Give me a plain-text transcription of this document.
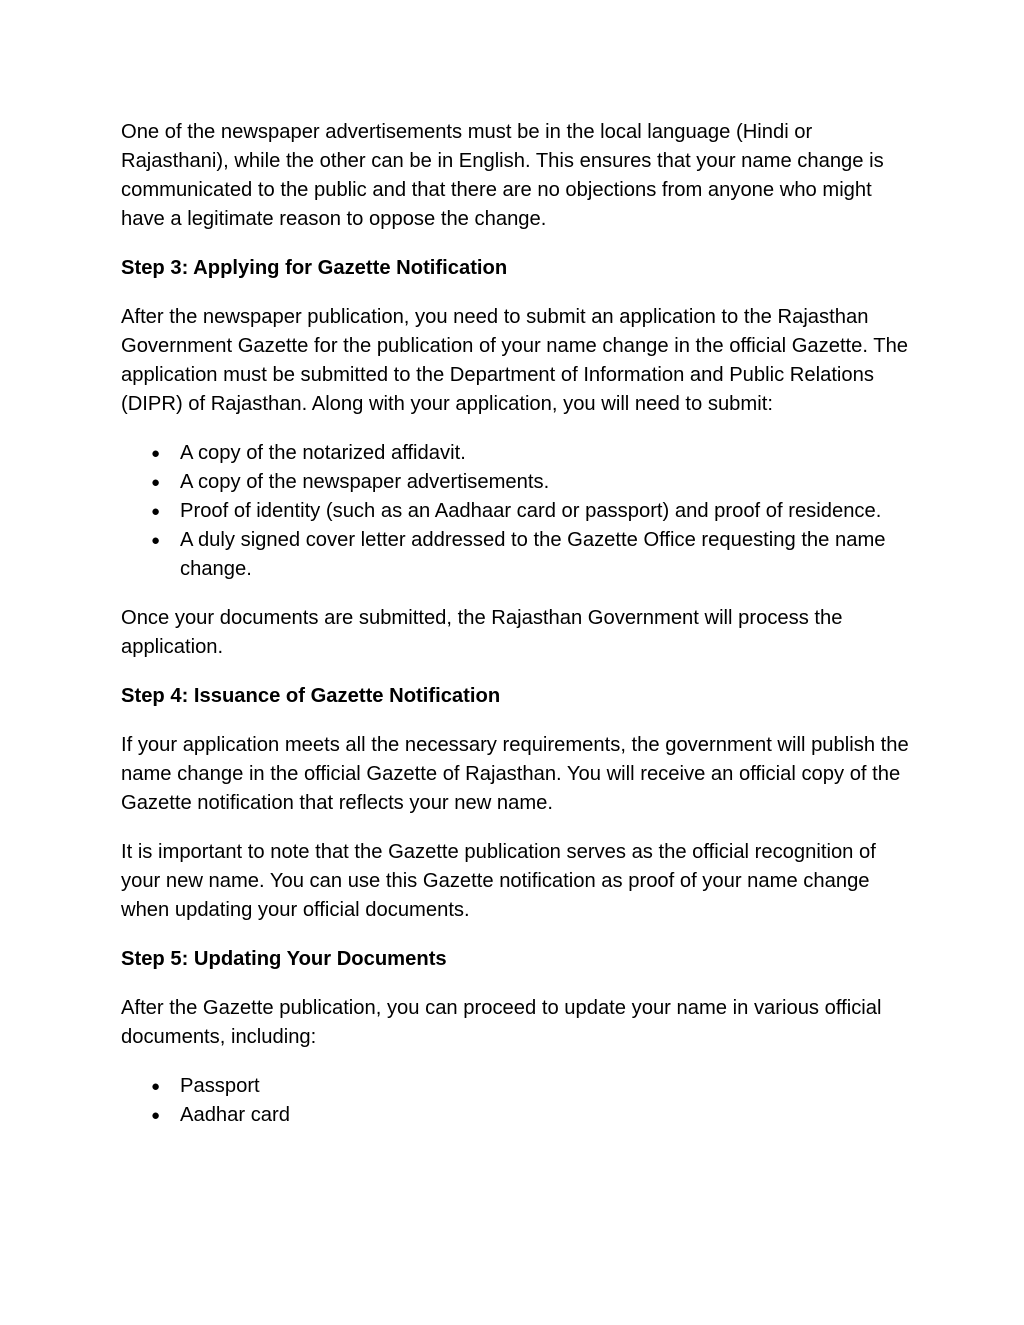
One of the newspaper advertisements must be in the local language (Hindi or Rajasthani), while the other can be in English. This ensures that your name change is communicated to the public and that there are no objections from anyone who might have a legitimate reason to oppose the change.

Step 3: Applying for Gazette Notification

After the newspaper publication, you need to submit an application to the Rajasthan Government Gazette for the publication of your name change in the official Gazette. The application must be submitted to the Department of Information and Public Relations (DIPR) of Rajasthan. Along with your application, you will need to submit:

● A copy of the notarized affidavit.
● A copy of the newspaper advertisements.
● Proof of identity (such as an Aadhaar card or passport) and proof of residence.
● A duly signed cover letter addressed to the Gazette Office requesting the name change.

Once your documents are submitted, the Rajasthan Government will process the application.

Step 4: Issuance of Gazette Notification

If your application meets all the necessary requirements, the government will publish the name change in the official Gazette of Rajasthan. You will receive an official copy of the Gazette notification that reflects your new name.

It is important to note that the Gazette publication serves as the official recognition of your new name. You can use this Gazette notification as proof of your name change when updating your official documents.

Step 5: Updating Your Documents

After the Gazette publication, you can proceed to update your name in various official documents, including:

● Passport
● Aadhar card
